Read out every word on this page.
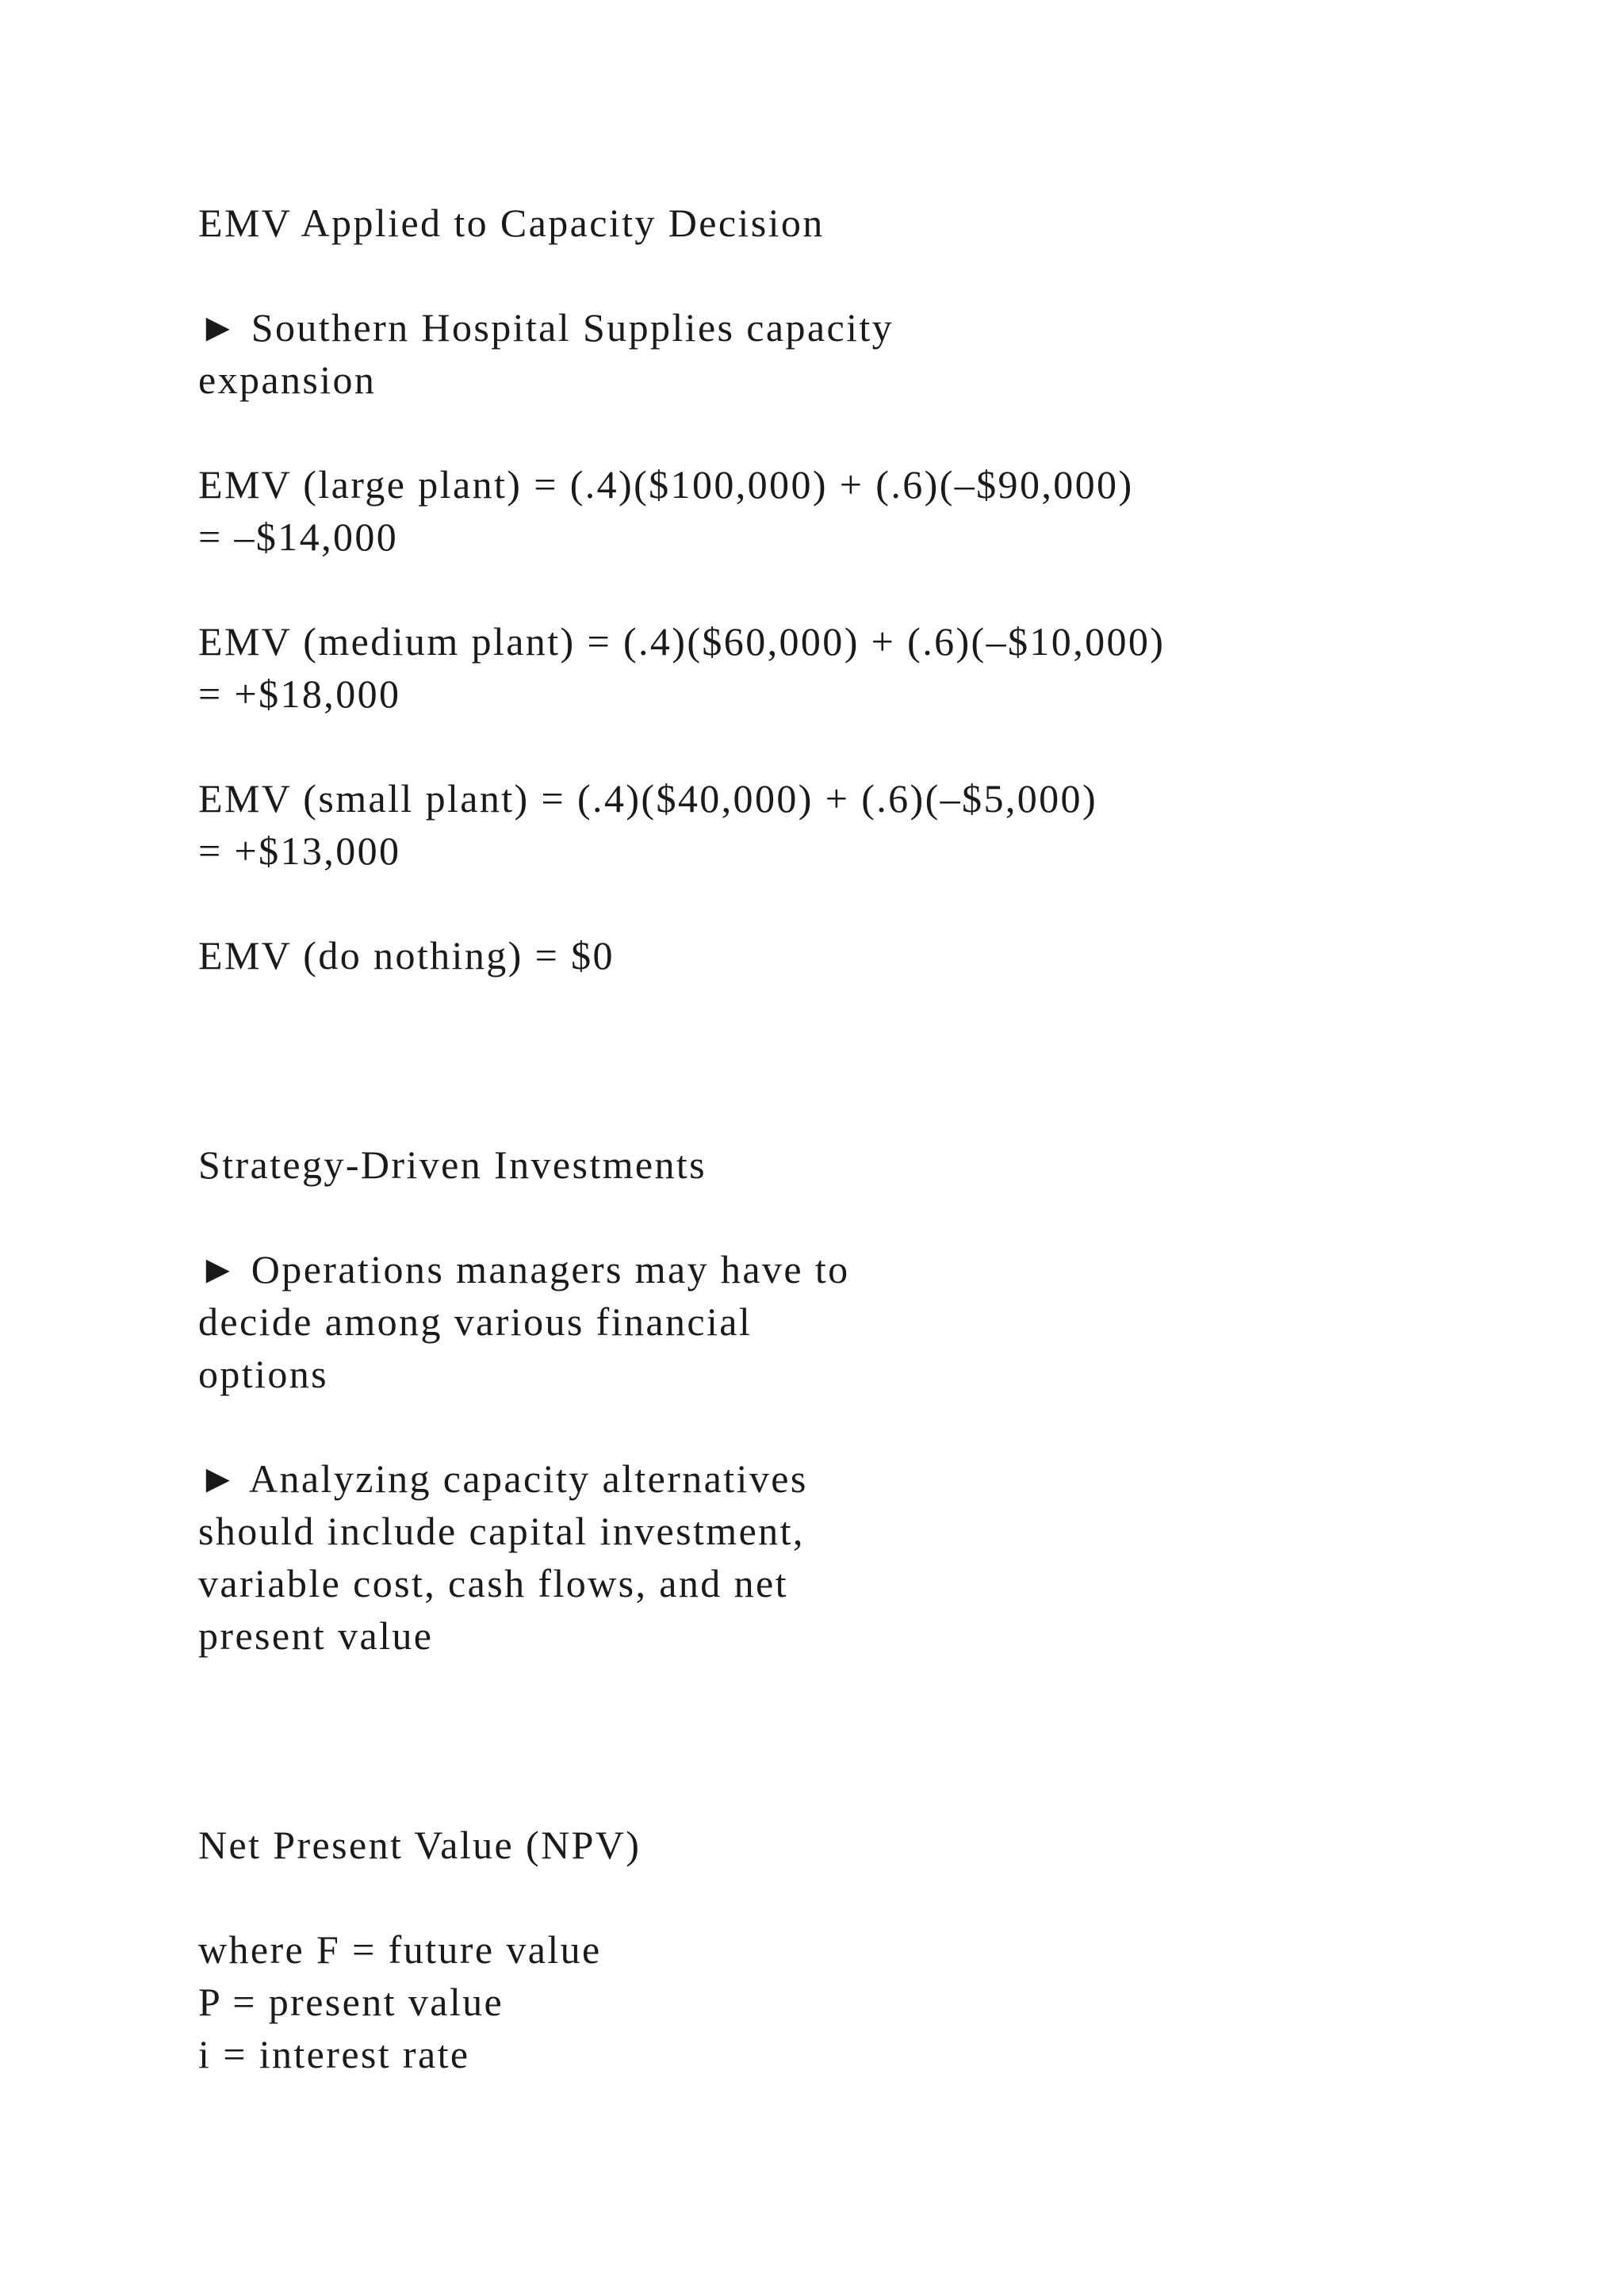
EMV Applied to Capacity Decision
► Southern Hospital Supplies capacity
expansion
EMV (large plant) = (.4)($100,000) + (.6)(–$90,000)
= –$14,000
EMV (medium plant) = (.4)($60,000) + (.6)(–$10,000)
= +$18,000
EMV (small plant) = (.4)($40,000) + (.6)(–$5,000)
= +$13,000
EMV (do nothing) = $0
Strategy-Driven Investments
► Operations managers may have to
decide among various financial
options
► Analyzing capacity alternatives
should include capital investment,
variable cost, cash flows, and net
present value
Net Present Value (NPV)
where F = future value
P = present value
i = interest rate
